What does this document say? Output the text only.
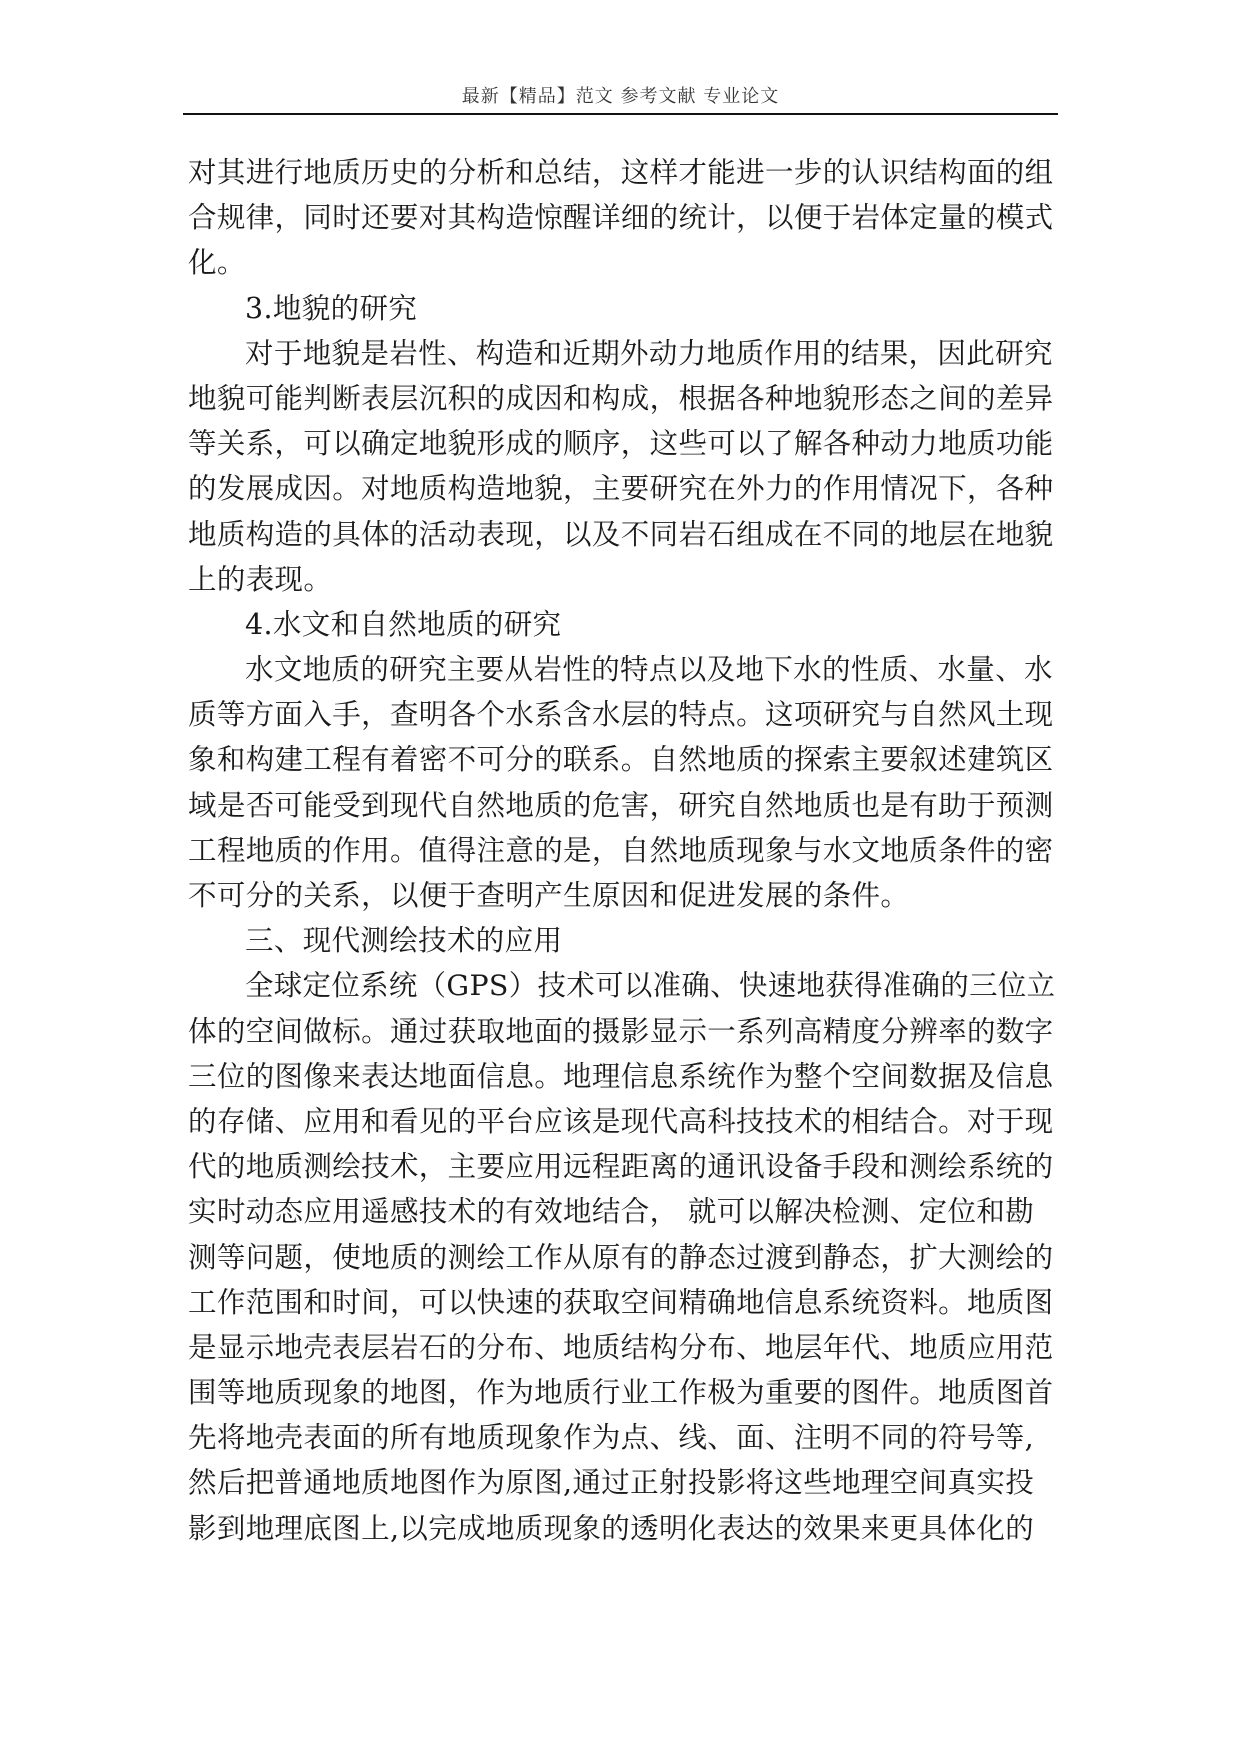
最新【精品】范文 参考文献 专业论文
对其进行地质历史的分析和总结，这样才能进一步的认识结构面的组
合规律，同时还要对其构造惊醒详细的统计，以便于岩体定量的模式
化。
3.地貌的研究
对于地貌是岩性、构造和近期外动力地质作用的结果，因此研究
地貌可能判断表层沉积的成因和构成，根据各种地貌形态之间的差异
等关系，可以确定地貌形成的顺序，这些可以了解各种动力地质功能
的发展成因。对地质构造地貌，主要研究在外力的作用情况下，各种
地质构造的具体的活动表现，以及不同岩石组成在不同的地层在地貌
上的表现。
4.水文和自然地质的研究
水文地质的研究主要从岩性的特点以及地下水的性质、水量、水
质等方面入手，查明各个水系含水层的特点。这项研究与自然风土现
象和构建工程有着密不可分的联系。自然地质的探索主要叙述建筑区
域是否可能受到现代自然地质的危害，研究自然地质也是有助于预测
工程地质的作用。值得注意的是，自然地质现象与水文地质条件的密
不可分的关系，以便于查明产生原因和促进发展的条件。
三、现代测绘技术的应用
全球定位系统（GPS）技术可以准确、快速地获得准确的三位立
体的空间做标。通过获取地面的摄影显示一系列高精度分辨率的数字
三位的图像来表达地面信息。地理信息系统作为整个空间数据及信息
的存储、应用和看见的平台应该是现代高科技技术的相结合。对于现
代的地质测绘技术，主要应用远程距离的通讯设备手段和测绘系统的
实时动态应用遥感技术的有效地结合， 就可以解决检测、定位和勘
测等问题，使地质的测绘工作从原有的静态过渡到静态，扩大测绘的
工作范围和时间，可以快速的获取空间精确地信息系统资料。地质图
是显示地壳表层岩石的分布、地质结构分布、地层年代、地质应用范
围等地质现象的地图，作为地质行业工作极为重要的图件。地质图首
先将地壳表面的所有地质现象作为点、线、面、注明不同的符号等,
然后把普通地质地图作为原图,通过正射投影将这些地理空间真实投
影到地理底图上,以完成地质现象的透明化表达的效果来更具体化的
